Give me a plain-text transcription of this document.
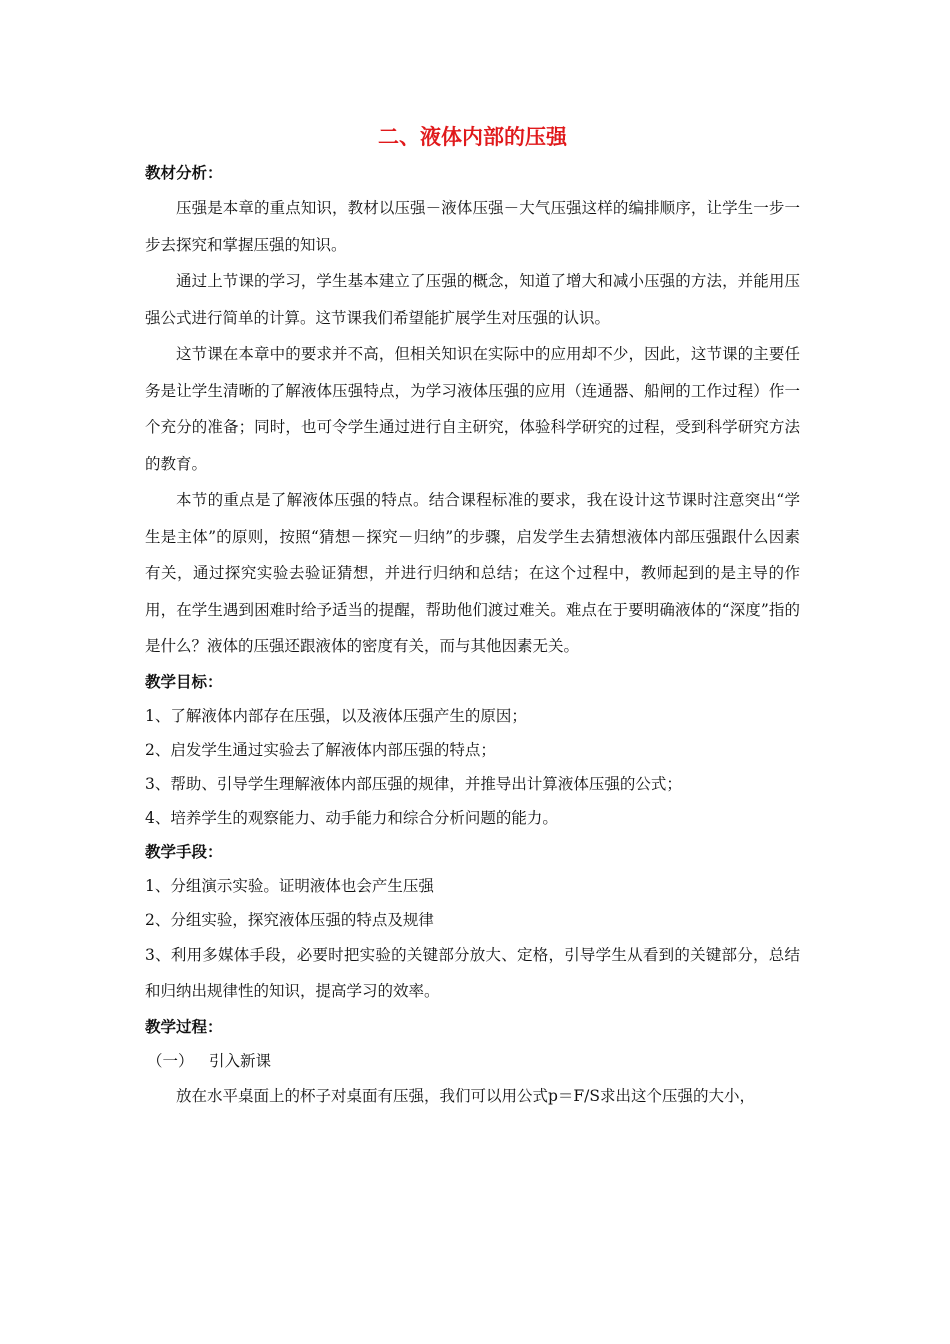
二、液体内部的压强

教材分析：

压强是本章的重点知识，教材以压强－液体压强－大气压强这样的编排顺序，让学生一步一步去探究和掌握压强的知识。

通过上节课的学习，学生基本建立了压强的概念，知道了增大和减小压强的方法，并能用压强公式进行简单的计算。这节课我们希望能扩展学生对压强的认识。

这节课在本章中的要求并不高，但相关知识在实际中的应用却不少，因此，这节课的主要任务是让学生清晰的了解液体压强特点，为学习液体压强的应用（连通器、船闸的工作过程）作一个充分的准备；同时，也可令学生通过进行自主研究，体验科学研究的过程，受到科学研究方法的教育。

本节的重点是了解液体压强的特点。结合课程标准的要求，我在设计这节课时注意突出“学生是主体”的原则，按照“猜想－探究－归纳”的步骤，启发学生去猜想液体内部压强跟什么因素有关，通过探究实验去验证猜想，并进行归纳和总结；在这个过程中，教师起到的是主导的作用，在学生遇到困难时给予适当的提醒，帮助他们渡过难关。难点在于要明确液体的“深度”指的是什么？液体的压强还跟液体的密度有关，而与其他因素无关。

教学目标：

1、了解液体内部存在压强，以及液体压强产生的原因；

2、启发学生通过实验去了解液体内部压强的特点；

3、帮助、引导学生理解液体内部压强的规律，并推导出计算液体压强的公式；

4、培养学生的观察能力、动手能力和综合分析问题的能力。

教学手段：

1、分组演示实验。证明液体也会产生压强

2、分组实验，探究液体压强的特点及规律

3、利用多媒体手段，必要时把实验的关键部分放大、定格，引导学生从看到的关键部分，总结和归纳出规律性的知识，提高学习的效率。

教学过程：

（一） 引入新课

放在水平桌面上的杯子对桌面有压强，我们可以用公式p＝F/S求出这个压强的大小，
